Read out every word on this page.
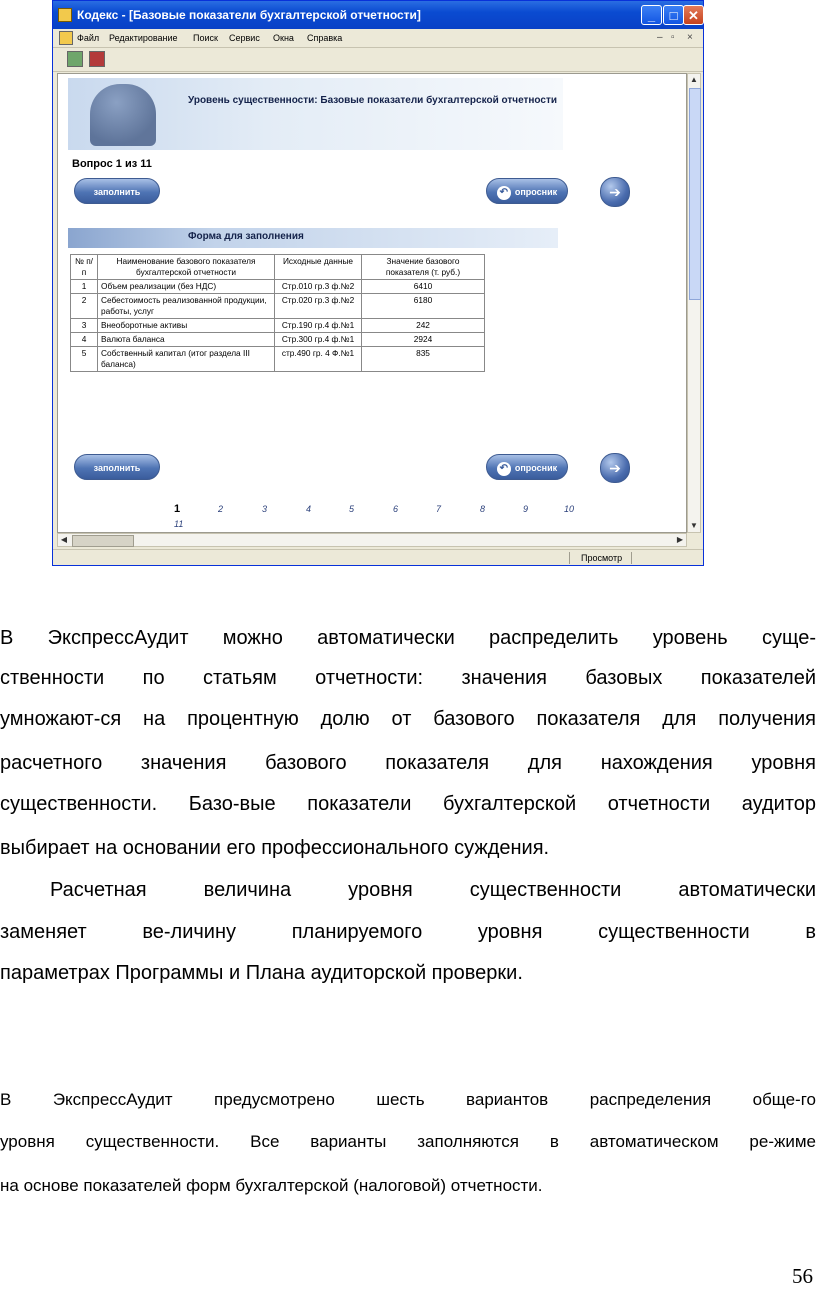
Кодекс - [Базовые показатели бухгалтерской отчетности]	_	□ ✕
Файл Редактирование Поиск Сервис Окна Справка	– ▫ ×
Уровень существенности: Базовые показатели бухгалтерской отчетности
Вопрос 1 из 11
заполнить	↶ опросник	➔
Форма для заполнения
№ п/п	Наименование базового показателя бухгалтерской отчетности	Исходные данные	Значение базового показателя (т. руб.)
1	Объем реализации (без НДС)	Стр.010 гр.3 ф.№2	6410
2	Себестоимость реализованной продукции, работы, услуг	Стр.020 гр.3 ф.№2	6180
3	Внеоборотные активы	Стр.190 гр.4 ф.№1	242
4	Валюта баланса	Стр.300 гр.4 ф.№1	2924
5	Собственный капитал (итог раздела III баланса)	стр.490 гр. 4 Ф.№1	835
заполнить	↶ опросник	➔
1	2	3	4	5	6	7	8	9	10
11
▲
▼
◀	▶
Просмотр
В ЭкспрессАудит можно автоматически распределить уровень суще-
ственности по статьям отчетности: значения базовых показателей
умножают-ся на процентную долю от базового показателя для получения
расчетного значения базового показателя для нахождения уровня
существенности. Базо-вые показатели бухгалтерской отчетности аудитор
выбирает на основании его профессионального суждения.
Расчетная величина уровня существенности автоматически
заменяет ве-личину планируемого уровня существенности в
параметрах Программы и Плана аудиторской проверки.
В ЭкспрессАудит предусмотрено шесть вариантов распределения обще-го
уровня существенности. Все варианты заполняются в автоматическом ре-жиме
на основе показателей форм бухгалтерской (налоговой) отчетности.
56
